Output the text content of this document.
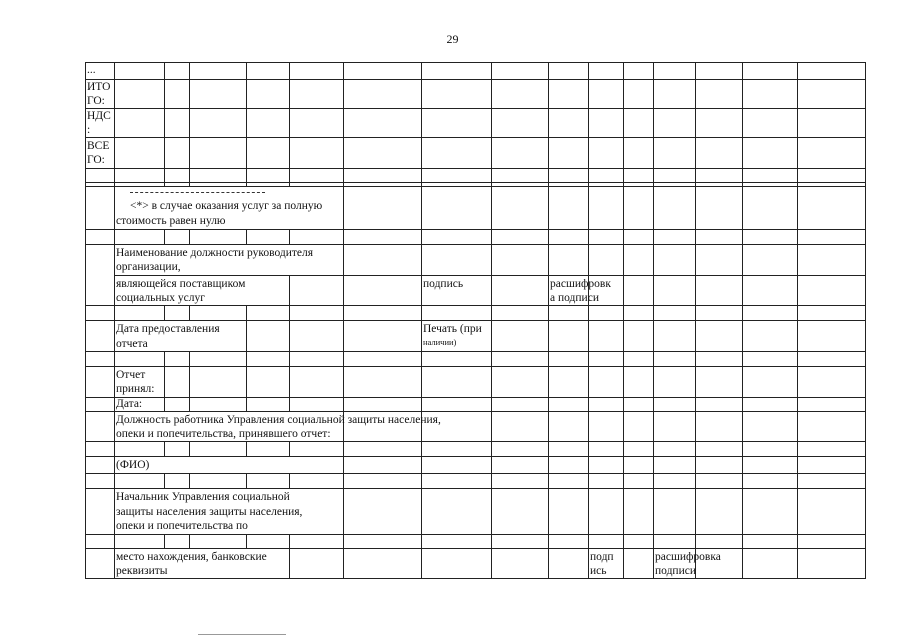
29
...
ИТО
ГО:
НДС
:
ВСЕ
ГО:
<*> в случае оказания услуг за полную
стоимость равен нулю
Наименование должности руководителя
организации,
являющейся поставщиком
социальных услуг
подпись	расшифровк
а подписи
Дата предоставления
отчета
Печать (при
наличии)
Отчет
принял:
Дата:
Должность работника Управления социальной защиты населения,
опеки и попечительства, принявшего отчет:
(ФИО)
Начальник Управления социальной
защиты населения защиты населения,
опеки и попечительства по
место нахождения, банковские
реквизиты
подп
ись
расшифровка
подписи
